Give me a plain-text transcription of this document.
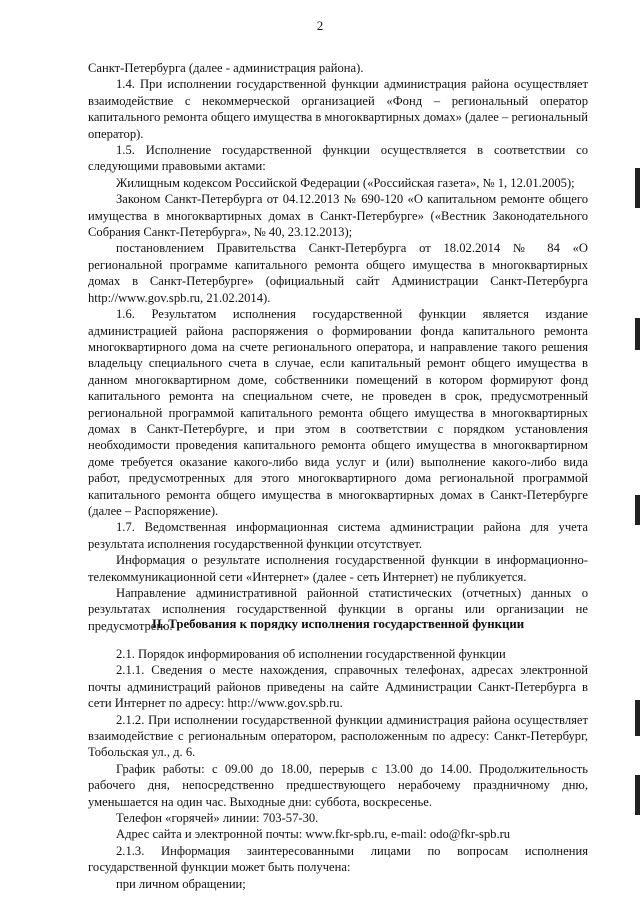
2

Санкт-Петербурга (далее - администрация района).

1.4. При исполнении государственной функции администрация района осуществляет взаимодействие с некоммерческой организацией «Фонд – региональный оператор капитального ремонта общего имущества в многоквартирных домах» (далее – региональный оператор).

1.5. Исполнение государственной функции осуществляется в соответствии со следующими правовыми актами:

Жилищным кодексом Российской Федерации («Российская газета», № 1, 12.01.2005);

Законом Санкт-Петербурга от 04.12.2013 № 690-120 «О капитальном ремонте общего имущества в многоквартирных домах в Санкт-Петербурге» («Вестник Законодательного Собрания Санкт-Петербурга», № 40, 23.12.2013);

постановлением Правительства Санкт-Петербурга от 18.02.2014 № 84 «О региональной программе капитального ремонта общего имущества в многоквартирных домах в Санкт-Петербурге» (официальный сайт Администрации Санкт-Петербурга http://www.gov.spb.ru, 21.02.2014).

1.6. Результатом исполнения государственной функции является издание администрацией района распоряжения о формировании фонда капитального ремонта многоквартирного дома на счете регионального оператора, и направление такого решения владельцу специального счета в случае, если капитальный ремонт общего имущества в данном многоквартирном доме, собственники помещений в котором формируют фонд капитального ремонта на специальном счете, не проведен в срок, предусмотренный региональной программой капитального ремонта общего имущества в многоквартирных домах в Санкт-Петербурге, и при этом в соответствии с порядком установления необходимости проведения капитального ремонта общего имущества в многоквартирном доме требуется оказание какого-либо вида услуг и (или) выполнение какого-либо вида работ, предусмотренных для этого многоквартирного дома региональной программой капитального ремонта общего имущества в многоквартирных домах в Санкт-Петербурге (далее – Распоряжение).

1.7. Ведомственная информационная система администрации района для учета результата исполнения государственной функции отсутствует.

Информация о результате исполнения государственной функции в информационно-телекоммуникационной сети «Интернет» (далее - сеть Интернет) не публикуется.

Направление административной районной статистических (отчетных) данных о результатах исполнения государственной функции в органы или организации не предусмотрено.

II. Требования к порядку исполнения государственной функции

2.1. Порядок информирования об исполнении государственной функции

2.1.1. Сведения о месте нахождения, справочных телефонах, адресах электронной почты администраций районов приведены на сайте Администрации Санкт-Петербурга в сети Интернет по адресу: http://www.gov.spb.ru.

2.1.2. При исполнении государственной функции администрация района осуществляет взаимодействие с региональным оператором, расположенным по адресу: Санкт-Петербург, Тобольская ул., д. 6.

График работы: с 09.00 до 18.00, перерыв с 13.00 до 14.00. Продолжительность рабочего дня, непосредственно предшествующего нерабочему праздничному дню, уменьшается на один час. Выходные дни: суббота, воскресенье.

Телефон «горячей» линии: 703-57-30.

Адрес сайта и электронной почты: www.fkr-spb.ru, e-mail: odo@fkr-spb.ru

2.1.3. Информация заинтересованными лицами по вопросам исполнения государственной функции может быть получена:

при личном обращении;
